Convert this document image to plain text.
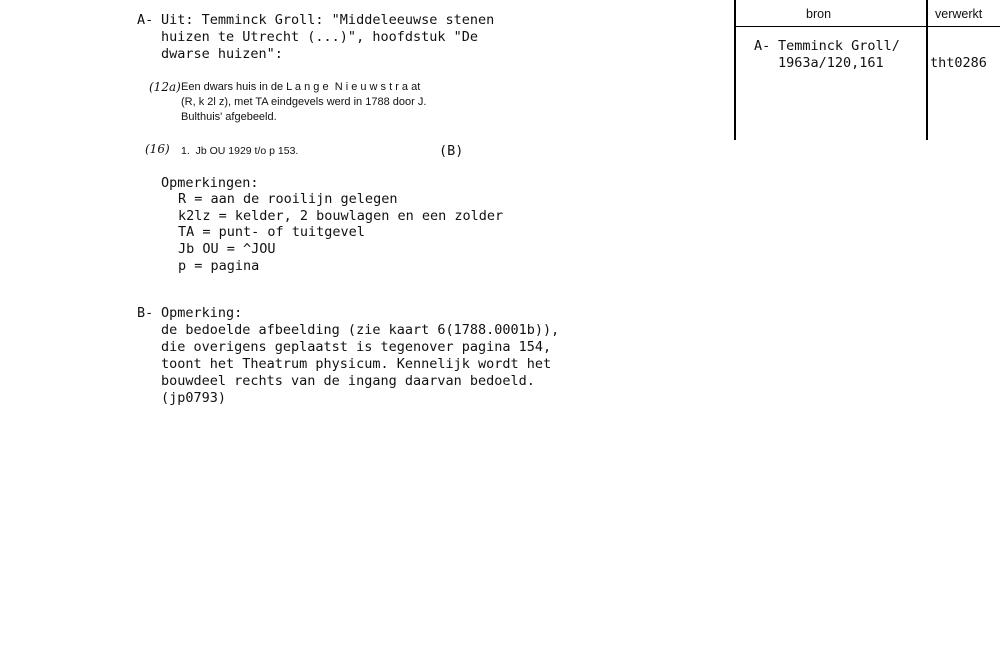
A- Uit: Temminck Groll: "Middeleeuwse stenen
huizen te Utrecht (...)", hoofdstuk "De
dwarse huizen":
(12a) Een dwars huis in de L a n g e  N i e u w s t r a at
(R, k 2l z), met TA eindgevels werd in 1788 door J.
Bulthuis' afgebeeld.
(16) 1.  Jb OU 1929 t/o p 153.	(B)
Opmerkingen:
R = aan de rooilijn gelegen
k2lz = kelder, 2 bouwlagen en een zolder
TA = punt- of tuitgevel
Jb OU = ^JOU
p = pagina
B- Opmerking:
de bedoelde afbeelding (zie kaart 6(1788.0001b)),
die overigens geplaatst is tegenover pagina 154,
toont het Theatrum physicum. Kennelijk wordt het
bouwdeel rechts van de ingang daarvan bedoeld.
(jp0793)
bron	verwerkt
A- Temminck Groll/
1963a/120,161	tht0286
